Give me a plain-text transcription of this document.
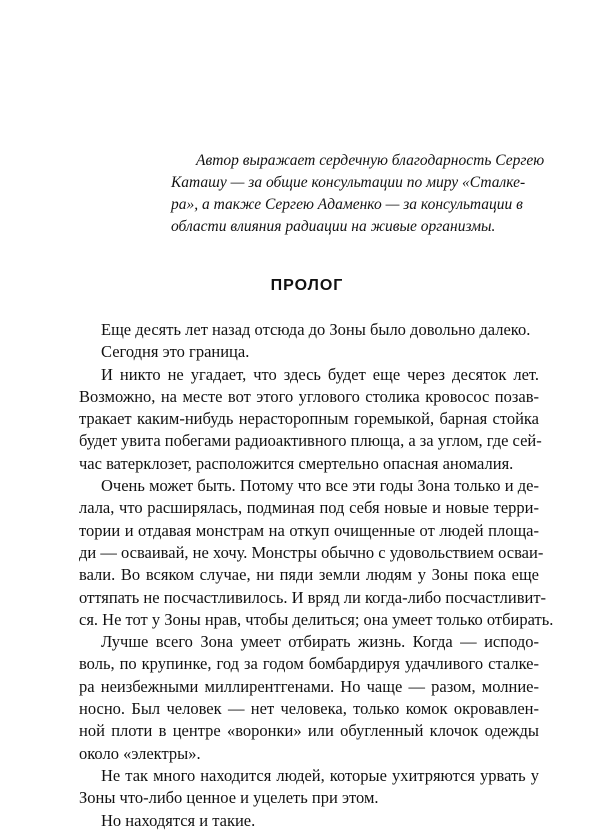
Автор выражает сердечную благодарность Сергею
Каташу — за общие консультации по миру «Сталке-
ра», а также Сергею Адаменко — за консультации в
области влияния радиации на живые организмы.
ПРОЛОГ
Еще десять лет назад отсюда до Зоны было довольно далеко.
Сегодня это граница.
И никто не угадает, что здесь будет еще через десяток лет.
Возможно, на месте вот этого углового столика кровосос позав-
тракает каким-нибудь нерасторопным горемыкой, барная стойка
будет увита побегами радиоактивного плюща, а за углом, где сей-
час ватерклозет, расположится смертельно опасная аномалия.
Очень может быть. Потому что все эти годы Зона только и де-
лала, что расширялась, подминая под себя новые и новые терри-
тории и отдавая монстрам на откуп очищенные от людей площа-
ди — осваивай, не хочу. Монстры обычно с удовольствием осваи-
вали. Во всяком случае, ни пяди земли людям у Зоны пока еще
оттяпать не посчастливилось. И вряд ли когда-либо посчастливит-
ся. Не тот у Зоны нрав, чтобы делиться; она умеет только отбирать.
Лучше всего Зона умеет отбирать жизнь. Когда — исподо-
воль, по крупинке, год за годом бомбардируя удачливого сталке-
ра неизбежными миллирентгенами. Но чаще — разом, молние-
носно. Был человек — нет человека, только комок окровавлен-
ной плоти в центре «воронки» или обугленный клочок одежды
около «электры».
Не так много находится людей, которые ухитряются урвать у
Зоны что-либо ценное и уцелеть при этом.
Но находятся и такие.
